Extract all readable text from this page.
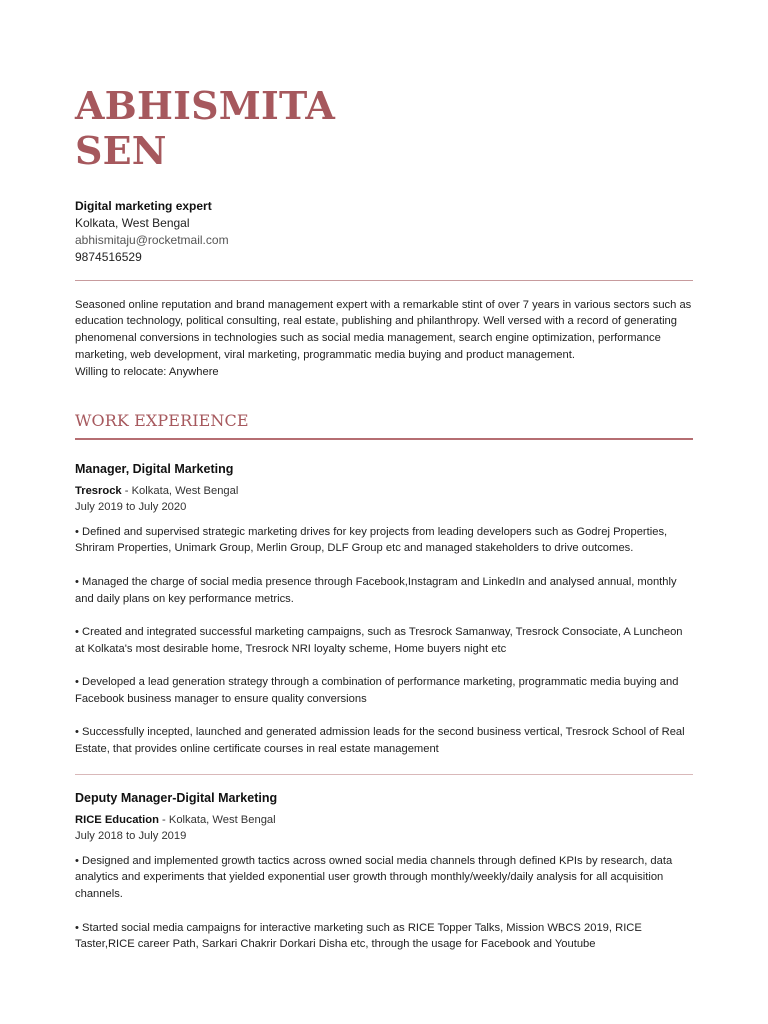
ABHISMITA
SEN
Digital marketing expert
Kolkata, West Bengal
abhismitaju@rocketmail.com
9874516529
Seasoned online reputation and brand management expert with a remarkable stint of over 7 years in various sectors such as education technology, political consulting, real estate, publishing and philanthropy. Well versed with a record of generating phenomenal conversions in technologies such as social media management, search engine optimization, performance marketing, web development, viral marketing, programmatic media buying and product management.
Willing to relocate: Anywhere
WORK EXPERIENCE
Manager, Digital Marketing
Tresrock - Kolkata, West Bengal
July 2019 to July 2020

• Defined and supervised strategic marketing drives for key projects from leading developers such as Godrej Properties, Shriram Properties, Unimark Group, Merlin Group, DLF Group etc and managed stakeholders to drive outcomes.

• Managed the charge of social media presence through Facebook,Instagram and LinkedIn and analysed annual, monthly and daily plans on key performance metrics.

• Created and integrated successful marketing campaigns, such as Tresrock Samanway, Tresrock Consociate, A Luncheon at Kolkata's most desirable home, Tresrock NRI loyalty scheme, Home buyers night etc

• Developed a lead generation strategy through a combination of performance marketing, programmatic media buying and Facebook business manager to ensure quality conversions

• Successfully incepted, launched and generated admission leads for the second business vertical, Tresrock School of Real Estate, that provides online certificate courses in real estate management

Deputy Manager-Digital Marketing
RICE Education - Kolkata, West Bengal
July 2018 to July 2019

• Designed and implemented growth tactics across owned social media channels through defined KPIs by research, data analytics and experiments that yielded exponential user growth through monthly/weekly/daily analysis for all acquisition channels.

• Started social media campaigns for interactive marketing such as RICE Topper Talks, Mission WBCS 2019, RICE Taster,RICE career Path, Sarkari Chakrir Dorkari Disha etc, through the usage for Facebook and Youtube
